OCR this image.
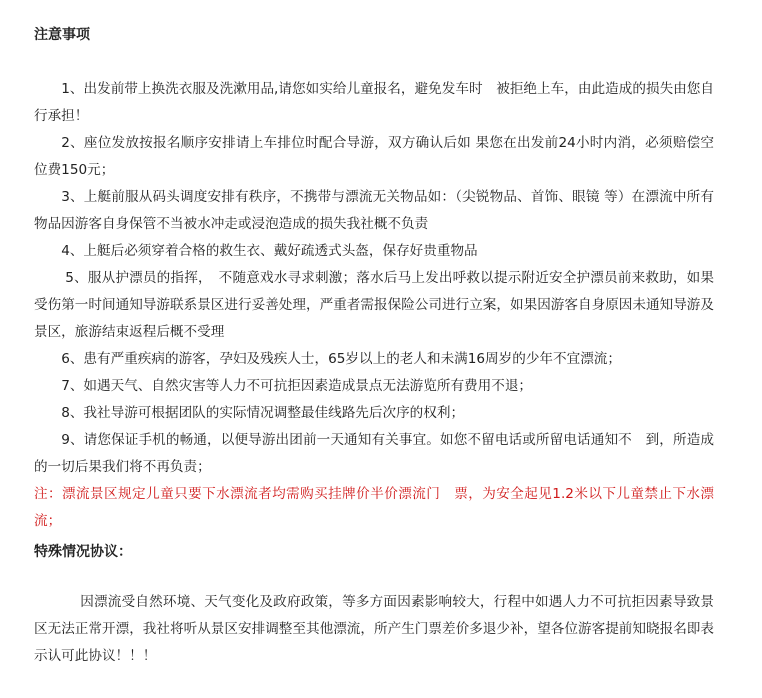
注意事项
1、出发前带上换洗衣服及洗漱用品,请您如实给儿童报名，避免发车时　被拒绝上车，由此造成的损失由您自行承担！
2、座位发放按报名顺序安排请上车排位时配合导游，双方确认后如 果您在出发前24小时内消，必须赔偿空位费150元；
3、上艇前服从码头调度安排有秩序，不携带与漂流无关物品如：（尖锐物品、首饰、眼镜 等）在漂流中所有物品因游客自身保管不当被水冲走或浸泡造成的损失我社概不负责
4、上艇后必须穿着合格的救生衣、戴好疏透式头盔，保存好贵重物品
5、服从护漂员的指挥，　不随意戏水寻求刺激；落水后马上发出呼救以提示附近安全护漂员前来救助，如果受伤第一时间通知导游联系景区进行妥善处理，严重者需报保险公司进行立案，如果因游客自身原因未通知导游及景区，旅游结束返程后概不受理
6、患有严重疾病的游客，孕妇及残疾人士，65岁以上的老人和未满16周岁的少年不宜漂流；
7、如遇天气、自然灾害等人力不可抗拒因素造成景点无法游览所有费用不退；
8、我社导游可根据团队的实际情况调整最佳线路先后次序的权利；
9、请您保证手机的畅通，以便导游出团前一天通知有关事宜。如您不留电话或所留电话通知不　到，所造成的一切后果我们将不再负责；
注：漂流景区规定儿童只要下水漂流者均需购买挂牌价半价漂流门　票，为安全起见1.2米以下儿童禁止下水漂流；
特殊情况协议：
因漂流受自然环境、天气变化及政府政策，等多方面因素影响较大，行程中如遇人力不可抗拒因素导致景区无法正常开漂，我社将听从景区安排调整至其他漂流，所产生门票差价多退少补，望各位游客提前知晓报名即表示认可此协议！！！
